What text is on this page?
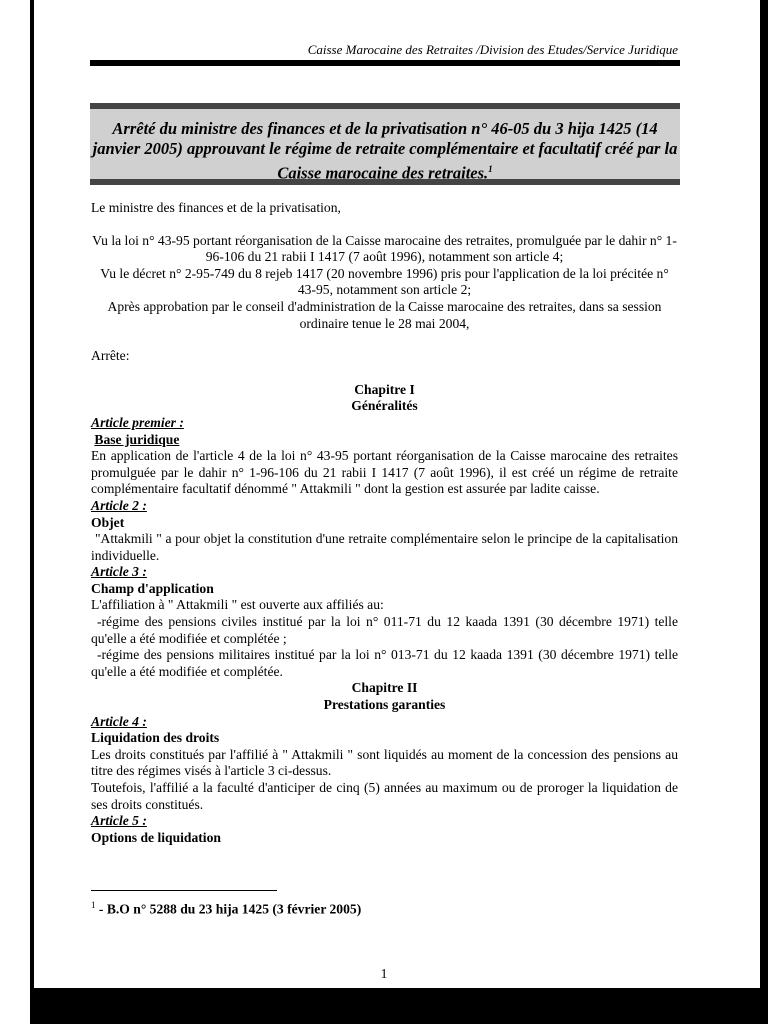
Caisse Marocaine des Retraites /Division des Etudes/Service Juridique
Arrêté du ministre des finances et de la privatisation n° 46-05 du 3 hija 1425 (14 janvier 2005) approuvant le régime de retraite complémentaire et facultatif créé par la Caisse marocaine des retraites.$^1$

Le ministre des finances et de la privatisation,

Vu la loi n° 43-95 portant réorganisation de la Caisse marocaine des retraites, promulguée par le dahir n° 1-96-106 du 21 rabii I 1417 (7 août 1996), notamment son article 4;

Vu le décret n° 2-95-749 du 8 rejeb 1417 (20 novembre 1996) pris pour l'application de la loi précitée n° 43-95, notamment son article 2;

Après approbation par le conseil d'administration de la Caisse marocaine des retraites, dans sa session ordinaire tenue le 28 mai 2004,

Arrête:

Chapitre I

Généralités

Article premier :

Base juridique

En application de l'article 4 de la loi n° 43-95 portant réorganisation de la Caisse marocaine des retraites promulguée par le dahir n° 1-96-106 du 21 rabii I 1417 (7 août 1996), il est créé un régime de retraite complémentaire facultatif dénommé " Attakmili " dont la gestion est assurée par ladite caisse.

Article 2 :

Objet

"Attakmili " a pour objet la constitution d'une retraite complémentaire selon le principe de la capitalisation individuelle.

Article 3 :

Champ d'application

L'affiliation à " Attakmili " est ouverte aux affiliés au:

-régime des pensions civiles institué par la loi n° 011-71 du 12 kaada 1391 (30 décembre 1971) telle qu'elle a été modifiée et complétée ;

-régime des pensions militaires institué par la loi n° 013-71 du 12 kaada 1391 (30 décembre 1971) telle qu'elle a été modifiée et complétée.

Chapitre II

Prestations garanties

Article 4 :

Liquidation des droits

Les droits constitués par l'affilié à " Attakmili " sont liquidés au moment de la concession des pensions au titre des régimes visés à l'article 3 ci-dessus.

Toutefois, l'affilié a la faculté d'anticiper de cinq (5) années au maximum ou de proroger la liquidation de ses droits constitués.

Article 5 :

Options de liquidation

$^1$ - B.O n° 5288 du 23 hija 1425 (3 février 2005)
1
